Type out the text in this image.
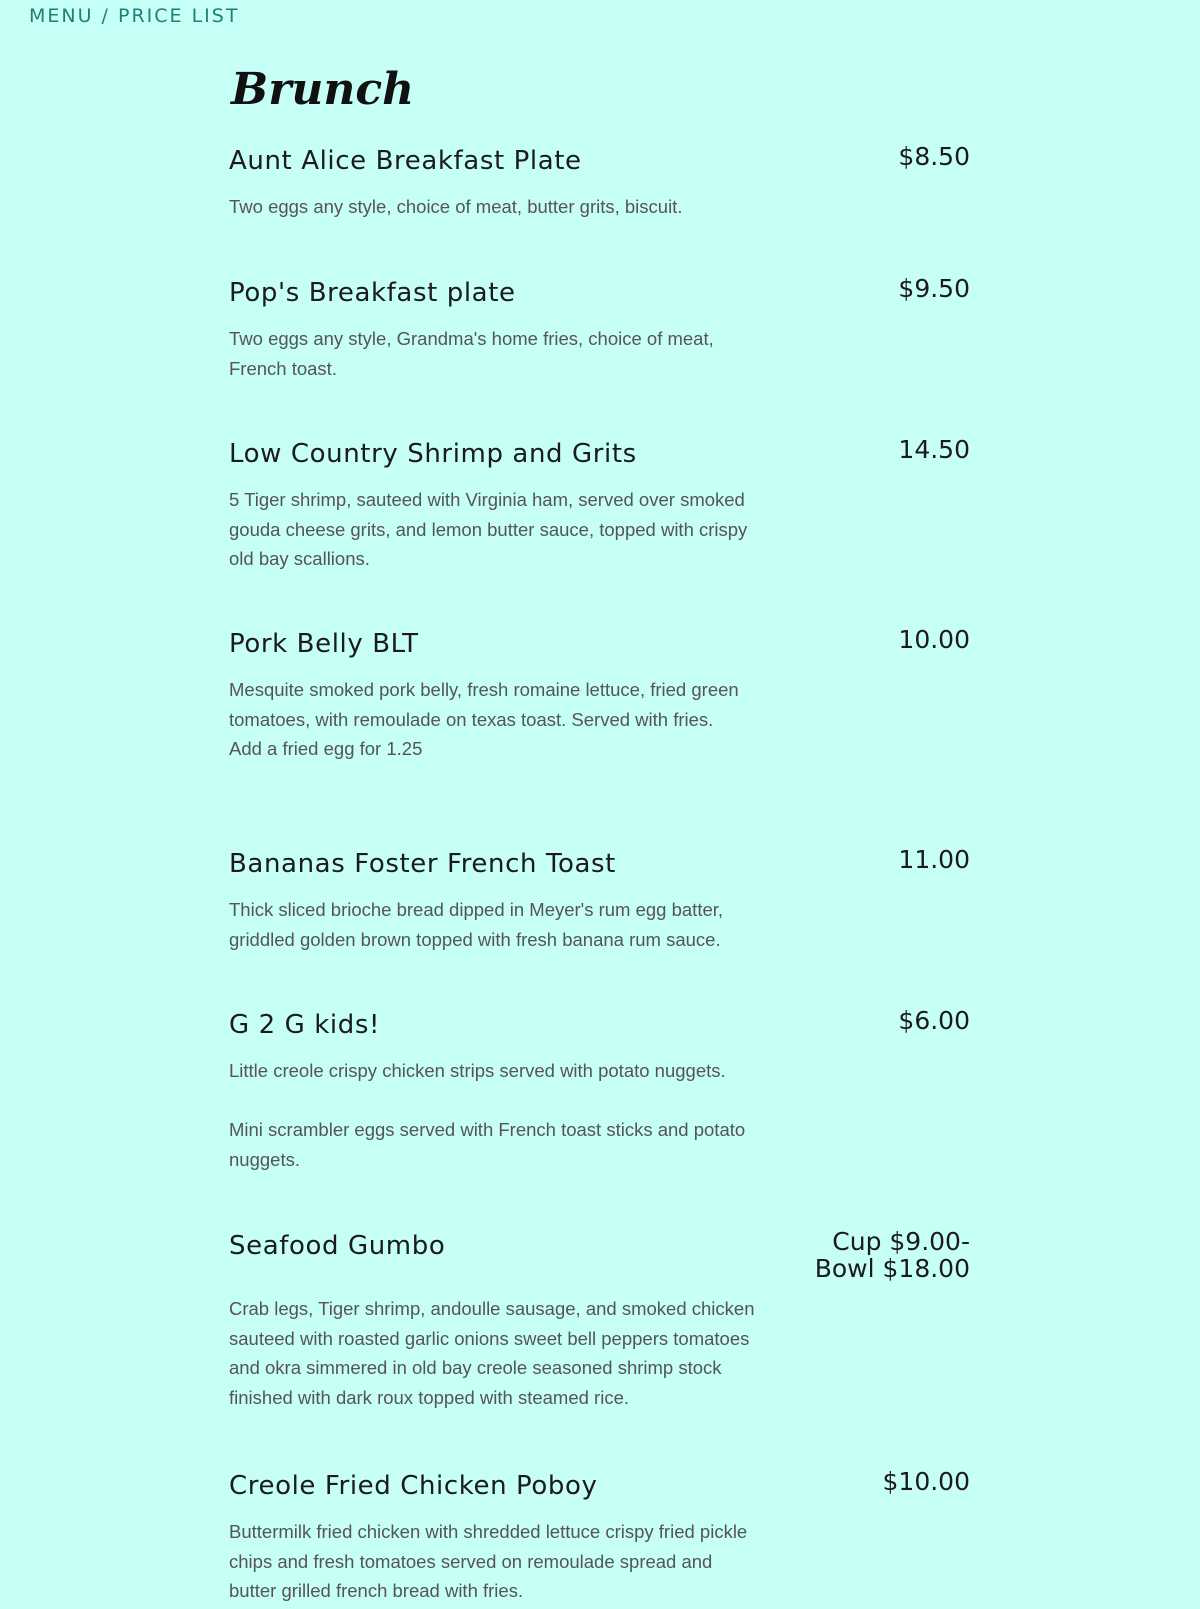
MENU / PRICE LIST
Brunch
Aunt Alice Breakfast Plate	$8.50

Two eggs any style, choice of meat, butter grits, biscuit.

Pop's Breakfast plate	$9.50

Two eggs any style, Grandma's home fries, choice of meat, French toast.

Low Country Shrimp and Grits	14.50

5 Tiger shrimp, sauteed with Virginia ham, served over smoked gouda cheese grits, and lemon butter sauce, topped with crispy old bay scallions.

Pork Belly BLT	10.00

Mesquite smoked pork belly, fresh romaine lettuce, fried green tomatoes, with remoulade on texas toast. Served with fries.

Add a fried egg for 1.25

Bananas Foster French Toast	11.00

Thick sliced brioche bread dipped in Meyer's rum egg batter, griddled golden brown topped with fresh banana rum sauce.

G 2 G kids!	$6.00

Little creole crispy chicken strips served with potato nuggets.

Mini scrambler eggs served with French toast sticks and potato nuggets.

Seafood Gumbo	Cup $9.00-
Bowl $18.00

Crab legs, Tiger shrimp, andoulle sausage, and smoked chicken sauteed with roasted garlic onions sweet bell peppers tomatoes and okra simmered in old bay creole seasoned shrimp stock finished with dark roux topped with steamed rice.

Creole Fried Chicken Poboy	$10.00

Buttermilk fried chicken with shredded lettuce crispy fried pickle chips and fresh tomatoes served on remoulade spread and butter grilled french bread with fries.
